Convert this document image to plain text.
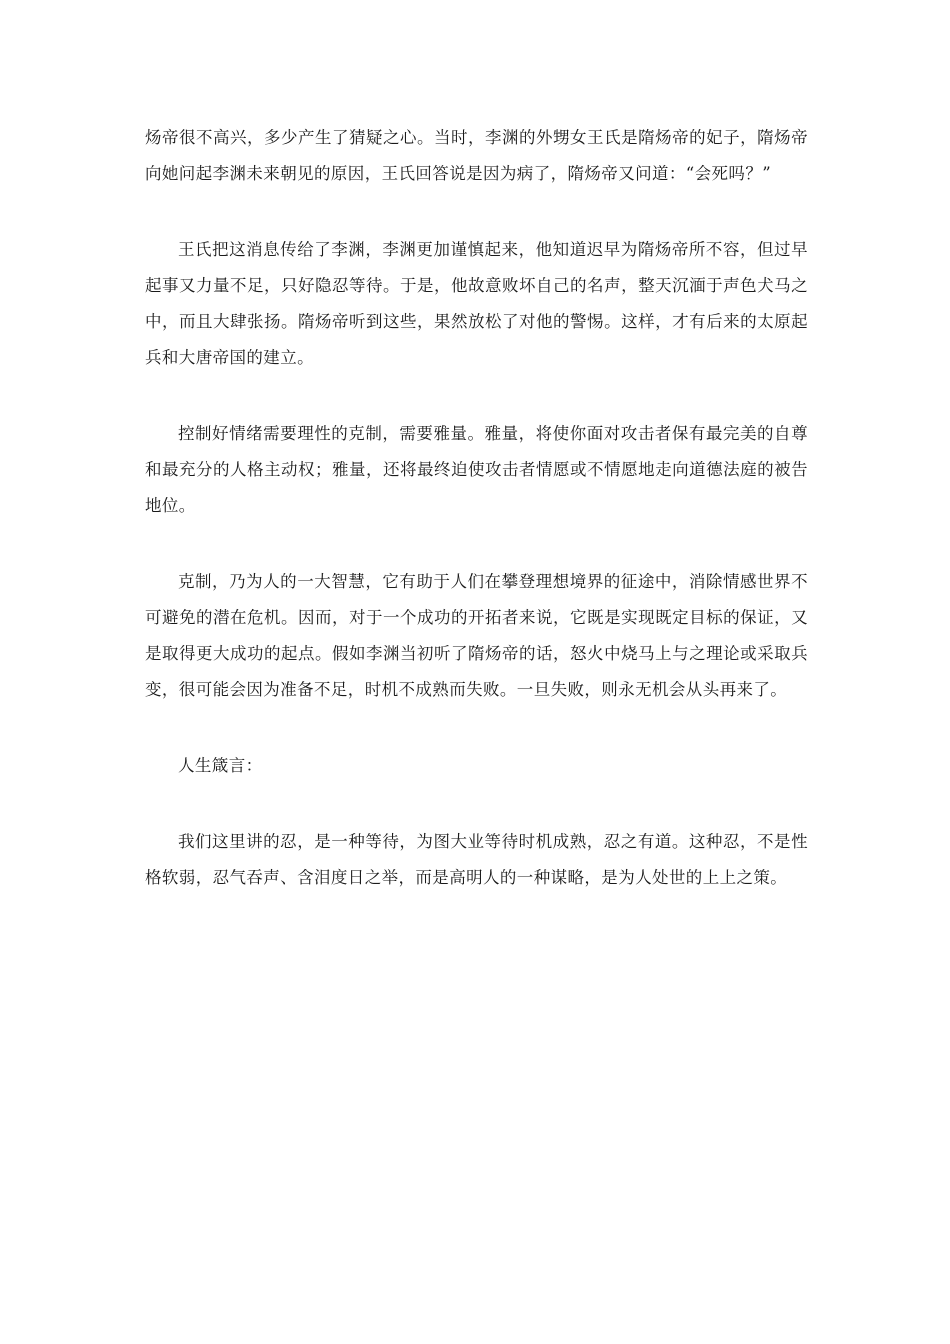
炀帝很不高兴，多少产生了猜疑之心。当时，李渊的外甥女王氏是隋炀帝的妃子，隋炀帝向她问起李渊未来朝见的原因，王氏回答说是因为病了，隋炀帝又问道：“会死吗？”

王氏把这消息传给了李渊，李渊更加谨慎起来，他知道迟早为隋炀帝所不容，但过早起事又力量不足，只好隐忍等待。于是，他故意败坏自己的名声，整天沉湎于声色犬马之中，而且大肆张扬。隋炀帝听到这些，果然放松了对他的警惕。这样，才有后来的太原起兵和大唐帝国的建立。

控制好情绪需要理性的克制，需要雅量。雅量，将使你面对攻击者保有最完美的自尊和最充分的人格主动权；雅量，还将最终迫使攻击者情愿或不情愿地走向道德法庭的被告地位。

克制，乃为人的一大智慧，它有助于人们在攀登理想境界的征途中，消除情感世界不可避免的潜在危机。因而，对于一个成功的开拓者来说，它既是实现既定目标的保证，又是取得更大成功的起点。假如李渊当初听了隋炀帝的话，怒火中烧马上与之理论或采取兵变，很可能会因为准备不足，时机不成熟而失败。一旦失败，则永无机会从头再来了。

人生箴言：

我们这里讲的忍，是一种等待，为图大业等待时机成熟，忍之有道。这种忍，不是性格软弱，忍气吞声、含泪度日之举，而是高明人的一种谋略，是为人处世的上上之策。
